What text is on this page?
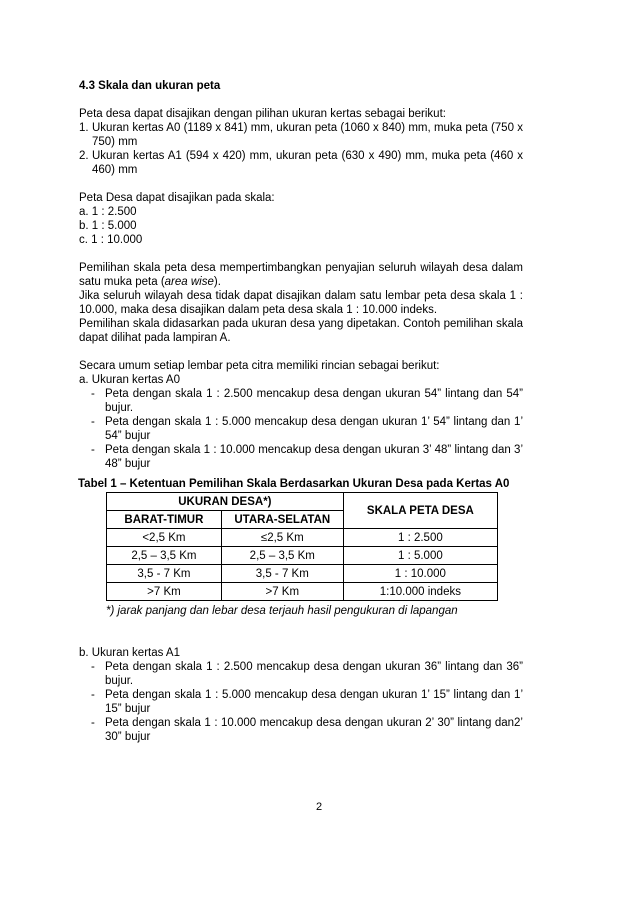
4.3 Skala dan ukuran peta

Peta desa dapat disajikan dengan pilihan ukuran kertas sebagai berikut:

1. Ukuran kertas A0 (1189 x 841) mm, ukuran peta (1060 x 840) mm, muka peta (750 x 750) mm
2. Ukuran kertas A1 (594 x 420) mm, ukuran peta (630 x 490) mm, muka peta (460 x 460) mm

Peta Desa dapat disajikan pada skala:

a. 1 : 2.500

b. 1 : 5.000

c. 1 : 10.000

Pemilihan skala peta desa mempertimbangkan penyajian seluruh wilayah desa dalam satu muka peta (area wise).

Jika seluruh wilayah desa tidak dapat disajikan dalam satu lembar peta desa skala 1 : 10.000, maka desa disajikan dalam peta desa skala 1 : 10.000 indeks.

Pemilihan skala didasarkan pada ukuran desa yang dipetakan. Contoh pemilihan skala dapat dilihat pada lampiran A.

Secara umum setiap lembar peta citra memiliki rincian sebagai berikut:

a. Ukuran kertas A0

- Peta dengan skala 1 : 2.500 mencakup desa dengan ukuran 54” lintang dan 54” bujur.
- Peta dengan skala 1 : 5.000 mencakup desa dengan ukuran 1’ 54” lintang dan 1’ 54” bujur
- Peta dengan skala 1 : 10.000 mencakup desa dengan ukuran 3’ 48” lintang dan 3’ 48” bujur

Tabel 1 – Ketentuan Pemilihan Skala Berdasarkan Ukuran Desa pada Kertas A0

UKURAN DESA*)		SKALA PETA DESA
BARAT-TIMUR	UTARA-SELATAN	
<2,5 Km	≤2,5 Km	1 : 2.500
2,5 – 3,5 Km	2,5 – 3,5 Km	1 : 5.000
3,5 - 7 Km	3,5 - 7 Km	1 : 10.000
>7 Km	>7 Km	1:10.000 indeks

*) jarak panjang dan lebar desa terjauh hasil pengukuran di lapangan

b. Ukuran kertas A1

- Peta dengan skala 1 : 2.500 mencakup desa dengan ukuran 36” lintang dan 36” bujur.
- Peta dengan skala 1 : 5.000 mencakup desa dengan ukuran 1’ 15” lintang dan 1’ 15” bujur
- Peta dengan skala 1 : 10.000 mencakup desa dengan ukuran 2’ 30” lintang dan2’ 30” bujur
2
